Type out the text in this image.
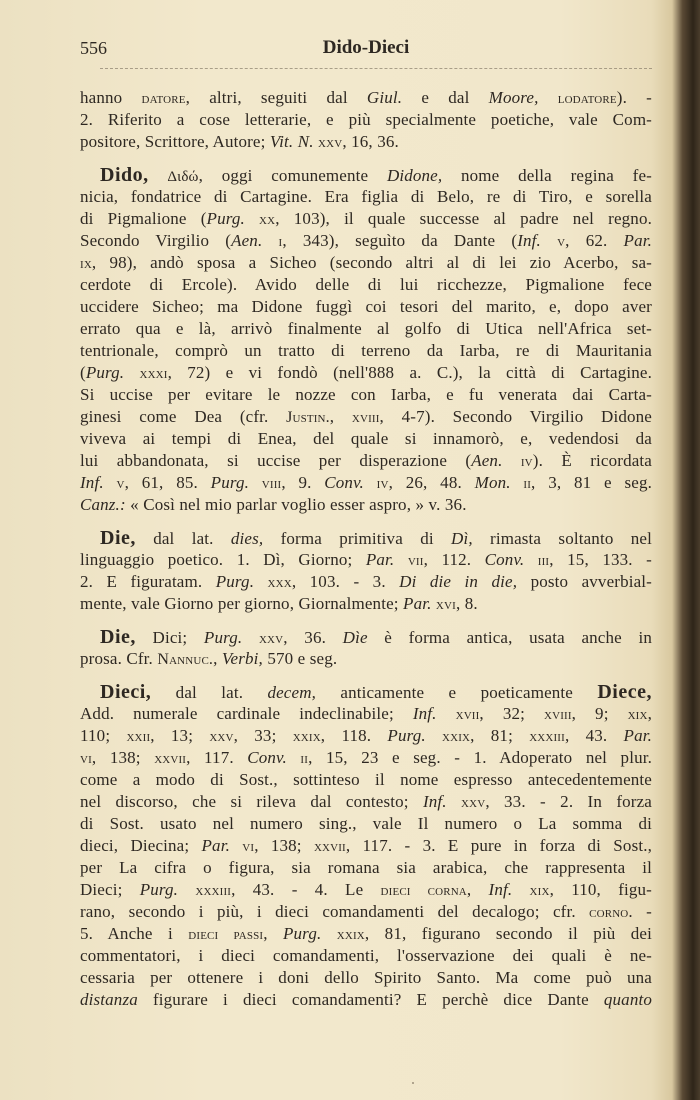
556	Dido-Dieci
hanno datore, altri, seguiti dal Giul. e dal Moore, lodatore). -
2. Riferito a cose letterarie, e più specialmente poetiche, vale Com-
positore, Scrittore, Autore; Vit. N. xxv, 16, 36.
Dido, Διδώ, oggi comunemente Didone, nome della regina fe-
nicia, fondatrice di Cartagine. Era figlia di Belo, re di Tiro, e sorella
di Pigmalione (Purg. xx, 103), il quale successe al padre nel regno.
Secondo Virgilio (Aen. i, 343), seguìto da Dante (Inf. v, 62. Par.
ix, 98), andò sposa a Sicheo (secondo altri al di lei zio Acerbo, sa-
cerdote di Ercole). Avido delle di lui ricchezze, Pigmalione fece
uccidere Sicheo; ma Didone fuggì coi tesori del marito, e, dopo aver
errato qua e là, arrivò finalmente al golfo di Utica nell'Africa set-
tentrionale, comprò un tratto di terreno da Iarba, re di Mauritania
(Purg. xxxi, 72) e vi fondò (nell'888 a. C.), la città di Cartagine.
Si uccise per evitare le nozze con Iarba, e fu venerata dai Carta-
ginesi come Dea (cfr. Justin., xviii, 4-7). Secondo Virgilio Didone
viveva ai tempi di Enea, del quale si innamorò, e, vedendosi da
lui abbandonata, si uccise per disperazione (Aen. iv). È ricordata
Inf. v, 61, 85. Purg. viii, 9. Conv. iv, 26, 48. Mon. ii, 3, 81 e seg.
Canz.: « Così nel mio parlar voglio esser aspro, » v. 36.
Die, dal lat. dies, forma primitiva di Dì, rimasta soltanto nel
linguaggio poetico. 1. Dì, Giorno; Par. vii, 112. Conv. iii, 15, 133. -
2. E figuratam. Purg. xxx, 103. - 3. Di die in die, posto avverbial-
mente, vale Giorno per giorno, Giornalmente; Par. xvi, 8.
Die, Dici; Purg. xxv, 36. Dìe è forma antica, usata anche in
prosa. Cfr. Nannuc., Verbi, 570 e seg.
Dieci, dal lat. decem, anticamente e poeticamente Diece,
Add. numerale cardinale indeclinabile; Inf. xvii, 32; xviii, 9; xix,
110; xxii, 13; xxv, 33; xxix, 118. Purg. xxix, 81; xxxiii, 43. Par.
vi, 138; xxvii, 117. Conv. ii, 15, 23 e seg. - 1. Adoperato nel plur.
come a modo di Sost., sottinteso il nome espresso antecedentemente
nel discorso, che si rileva dal contesto; Inf. xxv, 33. - 2. In forza
di Sost. usato nel numero sing., vale Il numero o La somma di
dieci, Diecina; Par. vi, 138; xxvii, 117. - 3. E pure in forza di Sost.,
per La cifra o figura, sia romana sia arabica, che rappresenta il
Dieci; Purg. xxxiii, 43. - 4. Le dieci corna, Inf. xix, 110, figu-
rano, secondo i più, i dieci comandamenti del decalogo; cfr. corno. -
5. Anche i dieci passi, Purg. xxix, 81, figurano secondo il più dei
commentatori, i dieci comandamenti, l'osservazione dei quali è ne-
cessaria per ottenere i doni dello Spirito Santo. Ma come può una
distanza figurare i dieci comandamenti? E perchè dice Dante quanto
